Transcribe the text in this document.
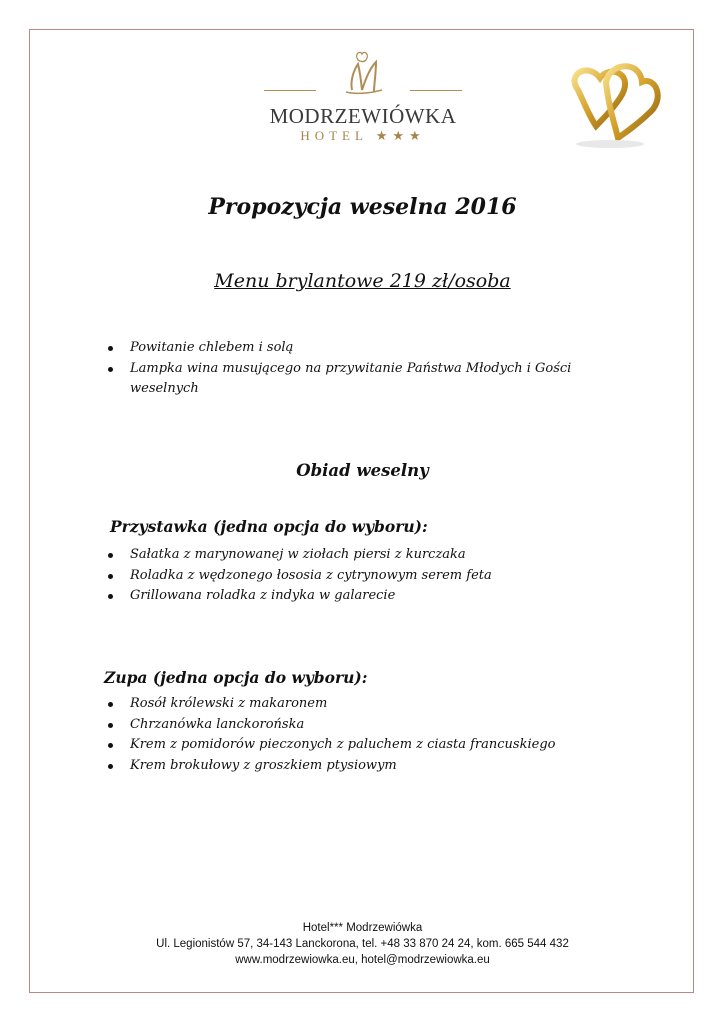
MODRZEWIÓWKA
HOTEL ★★★
Propozycja weselna 2016
Menu brylantowe 219 zł/osoba
Powitanie chlebem i solą
Lampka wina musującego na przywitanie Państwa Młodych i Gości weselnych
Obiad weselny
Przystawka (jedna opcja do wyboru):
Sałatka z marynowanej w ziołach piersi z kurczaka
Roladka z wędzonego łososia z cytrynowym serem feta
Grillowana roladka z indyka w galarecie
Zupa (jedna opcja do wyboru):
Rosół królewski z makaronem
Chrzanówka lanckorońska
Krem z pomidorów pieczonych z paluchem z ciasta francuskiego
Krem brokułowy z groszkiem ptysiowym
Hotel*** Modrzewiówka
Ul. Legionistów 57, 34-143 Lanckorona, tel. +48 33 870 24 24, kom. 665 544 432
www.modrzewiowka.eu, hotel@modrzewiowka.eu
